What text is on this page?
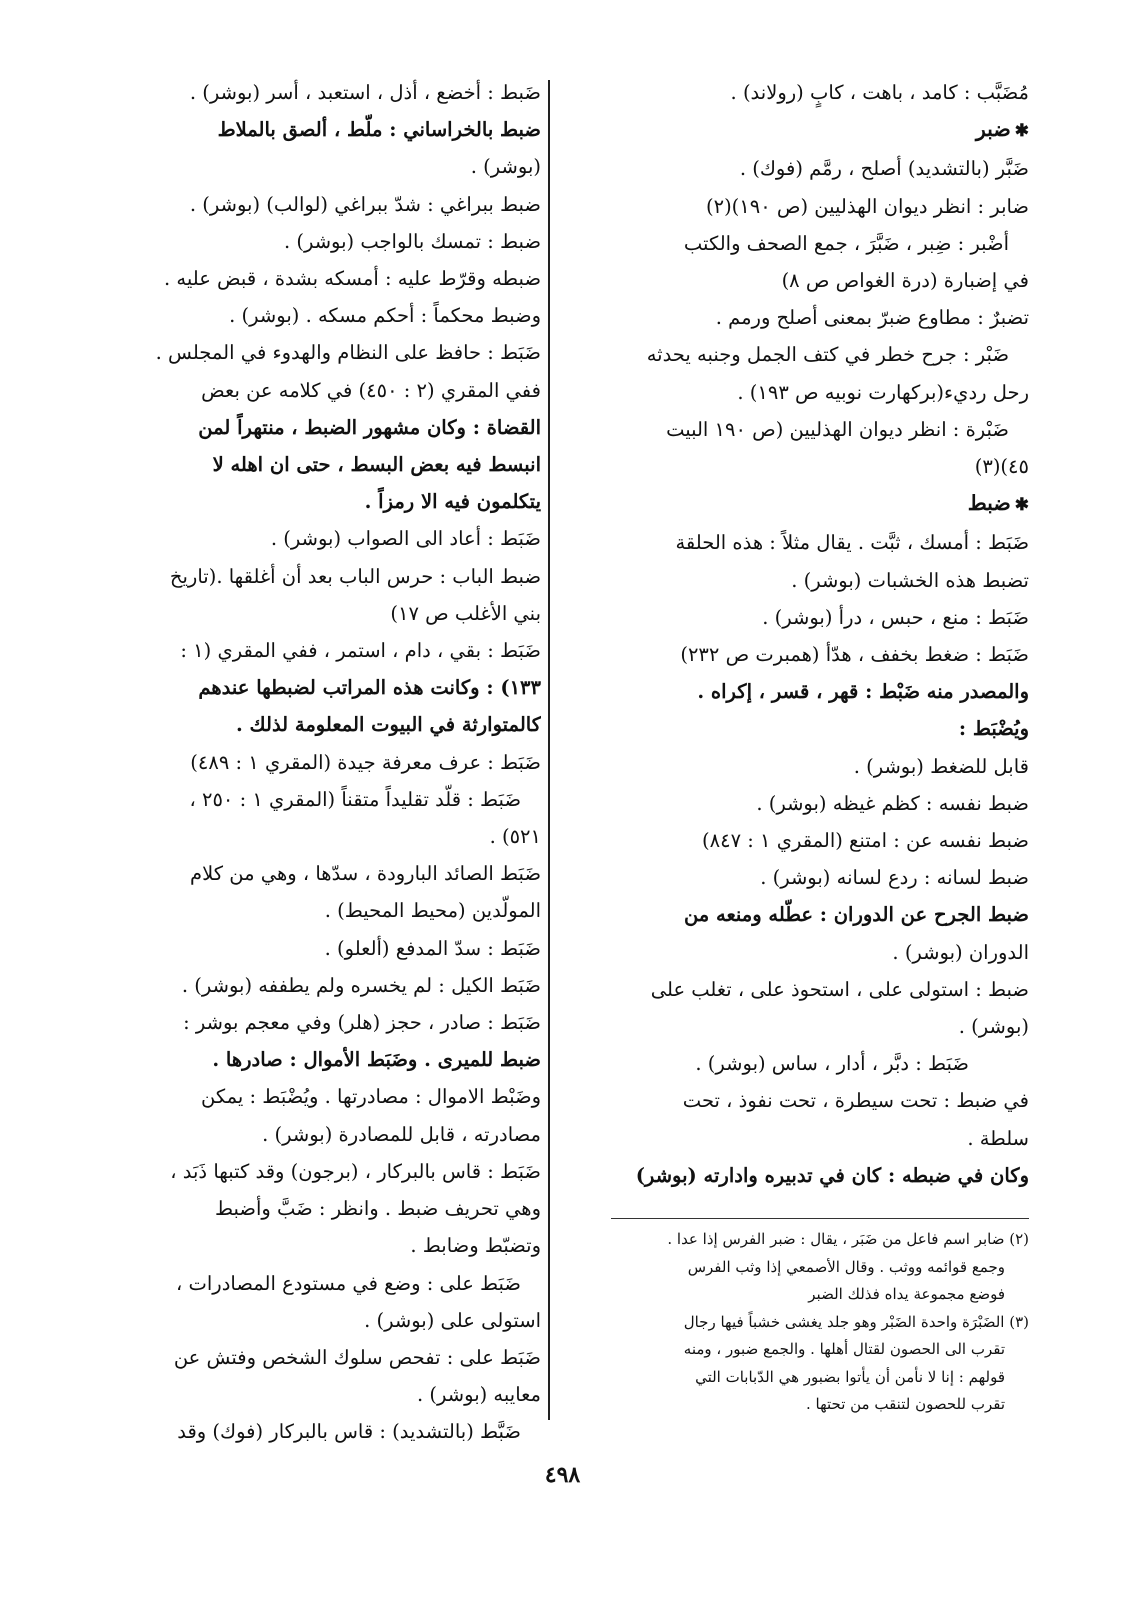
مُضَبَّب : كامد ، باهت ، كابٍ (رولاند) .
✱ضبر
ضَبَّر (بالتشديد) أصلح ، رمَّم (فوك) .
ضابر : انظر ديوان الهذليين (ص ١٩٠)(٢)
أضْبر : ضِبر ، ضَبَّرَ ، جمع الصحف والكتب
في إضبارة (درة الغواص ص ٨)
تضبرٌ : مطاوع ضبرّ بمعنى أصلح ورمم .
ضَبْر : جرح خطر في كتف الجمل وجنبه يحدثه
رحل رديء(بركهارت نوبيه ص ١٩٣) .
ضَبْرة : انظر ديوان الهذليين (ص ١٩٠ البيت
٤٥)(٣)
✱ضبط
ضَبَط : أمسك ، ثبَّت . يقال مثلاً : هذه الحلقة
تضبط هذه الخشبات (بوشر) .
ضَبَط : منع ، حبس ، درأ (بوشر) .
ضَبَط : ضغط بخفف ، هدّأ (همبرت ص ٢٣٢)
والمصدر منه ضَبْط : قهر ، قسر ، إكراه .
ويُضْبَط :
قابل للضغط (بوشر) .
ضبط نفسه : كظم غيظه (بوشر) .
ضبط نفسه عن : امتنع (المقري ١ : ٨٤٧)
ضبط لسانه : ردع لسانه (بوشر) .
ضبط الجرح عن الدوران : عطّله ومنعه من
الدوران (بوشر) .
ضبط : استولى على ، استحوذ على ، تغلب على
(بوشر) .
ضَبَط : دبَّر ، أدار ، ساس (بوشر) .
في ضبط : تحت سيطرة ، تحت نفوذ ، تحت
سلطة .
وكان في ضبطه : كان في تدبيره وادارته (بوشر)
ضَبط : أخضع ، أذل ، استعبد ، أسر (بوشر) .
ضبط بالخراساني : ملّط ، ألصق بالملاط
(بوشر) .
ضبط ببراغي : شدّ ببراغي (لوالب) (بوشر) .
ضبط : تمسك بالواجب (بوشر) .
ضبطه وقرّط عليه : أمسكه بشدة ، قبض عليه .
وضبط محكماً : أحكم مسكه . (بوشر) .
ضَبَط : حافظ على النظام والهدوء في المجلس .
ففي المقري (٢ : ٤٥٠) في كلامه عن بعض
القضاة : وكان مشهور الضبط ، منتهراً لمن
انبسط فيه بعض البسط ، حتى ان اهله لا
يتكلمون فيه الا رمزاً .
ضَبَط : أعاد الى الصواب (بوشر) .
ضبط الباب : حرس الباب بعد أن أغلقها .(تاريخ
بني الأغلب ص ١٧)
ضَبَط : بقي ، دام ، استمر ، ففي المقري (١ :
١٣٣) : وكانت هذه المراتب لضبطها عندهم
كالمتوارثة في البيوت المعلومة لذلك .
ضَبَط : عرف معرفة جيدة (المقري ١ : ٤٨٩)
ضَبَط : قلّد تقليداً متقناً (المقري ١ : ٢٥٠ ،
٥٢١) .
ضَبَط الصائد البارودة ، سدّها ، وهي من كلام
المولّدين (محيط المحيط) .
ضَبَط : سدّ المدفع (ألعلو) .
ضَبَط الكيل : لم يخسره ولم يطففه (بوشر) .
ضَبَط : صادر ، حجز (هلر) وفي معجم بوشر :
ضبط للميرى . وضَبَط الأموال : صادرها .
وضَبْط الاموال : مصادرتها . ويُضْبَط : يمكن
مصادرته ، قابل للمصادرة (بوشر) .
ضَبَط : قاس بالبركار ، (برجون) وقد كتبها ذَبَد ،
وهي تحريف ضبط . وانظر : ضَبَّ وأضبط
وتضبّط وضابط .
ضَبَط على : وضع في مستودع المصادرات ،
استولى على (بوشر) .
ضَبَط على : تفحص سلوك الشخص وفتش عن
معايبه (بوشر) .
ضَبَّط (بالتشديد) : قاس بالبركار (فوك) وقد
(٢) ضابر اسم فاعل من ضَبَر ، يقال : ضبر الفرس إذا عدا .
وجمع قوائمه ووثب . وقال الأصمعي إذا وثب الفرس
فوضع مجموعة يداه فذلك الضبر
(٣) الضَبْرَة واحدة الضَبْر وهو جلد يغشى خشباً فيها رجال
تقرب الى الحصون لقتال أهلها . والجمع ضبور ، ومنه
قولهم : إنا لا نأمن أن يأتوا بضبور هي الدّبابات التي
تقرب للحصون لتنقب من تحتها .
٤٩٨
